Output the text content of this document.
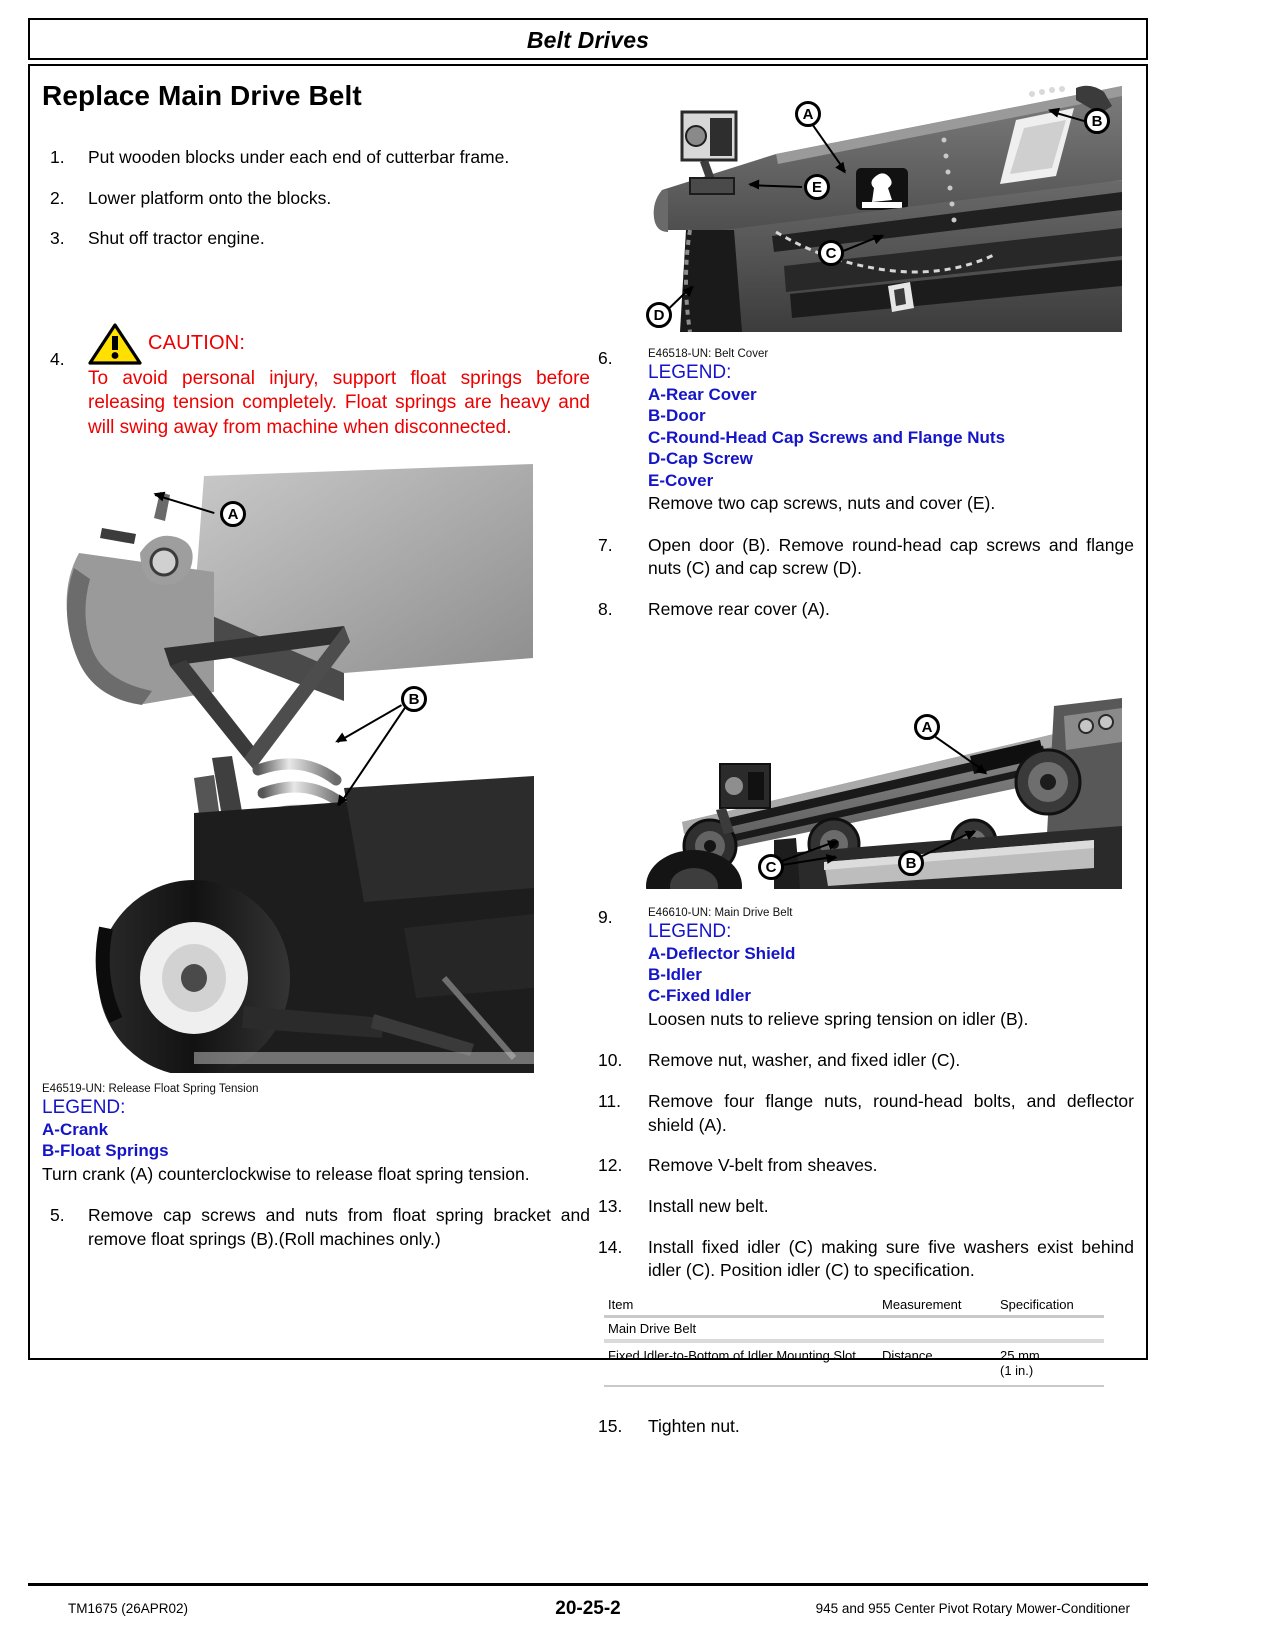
Belt Drives
Replace Main Drive Belt
1.	Put wooden blocks under each end of cutterbar frame.
2.	Lower platform onto the blocks.
3.	Shut off tractor engine.
4.
CAUTION:
To avoid personal injury, support float springs before releasing tension completely. Float springs are heavy and will swing away from machine when disconnected.
A
B
E46519-UN: Release Float Spring Tension
LEGEND:
A-Crank
B-Float Springs
Turn crank (A) counterclockwise to release float spring tension.
5.	Remove cap screws and nuts from float spring bracket and remove float springs (B).(Roll machines only.)
A	B
C
D
E
6.	E46518-UN: Belt Cover
LEGEND:
A-Rear Cover
B-Door
C-Round-Head Cap Screws and Flange Nuts
D-Cap Screw
E-Cover
Remove two cap screws, nuts and cover (E).
7.	Open door (B). Remove round-head cap screws and flange nuts (C) and cap screw (D).
8.	Remove rear cover (A).
A
B
C
9.	E46610-UN: Main Drive Belt
LEGEND:
A-Deflector Shield
B-Idler
C-Fixed Idler
Loosen nuts to relieve spring tension on idler (B).
10.	Remove nut, washer, and fixed idler (C).
11.	Remove four flange nuts, round-head bolts, and deflector shield (A).
12.	Remove V-belt from sheaves.
13.	Install new belt.
14.	Install fixed idler (C) making sure five washers exist behind idler (C). Position idler (C) to specification.
Item	Measurement	Specification
Main Drive Belt		
Fixed Idler-to-Bottom of Idler Mounting Slot	Distance	25 mm
(1 in.)
15.	Tighten nut.
TM1675 (26APR02)	20-25-2	945 and 955 Center Pivot Rotary Mower-Conditioner
